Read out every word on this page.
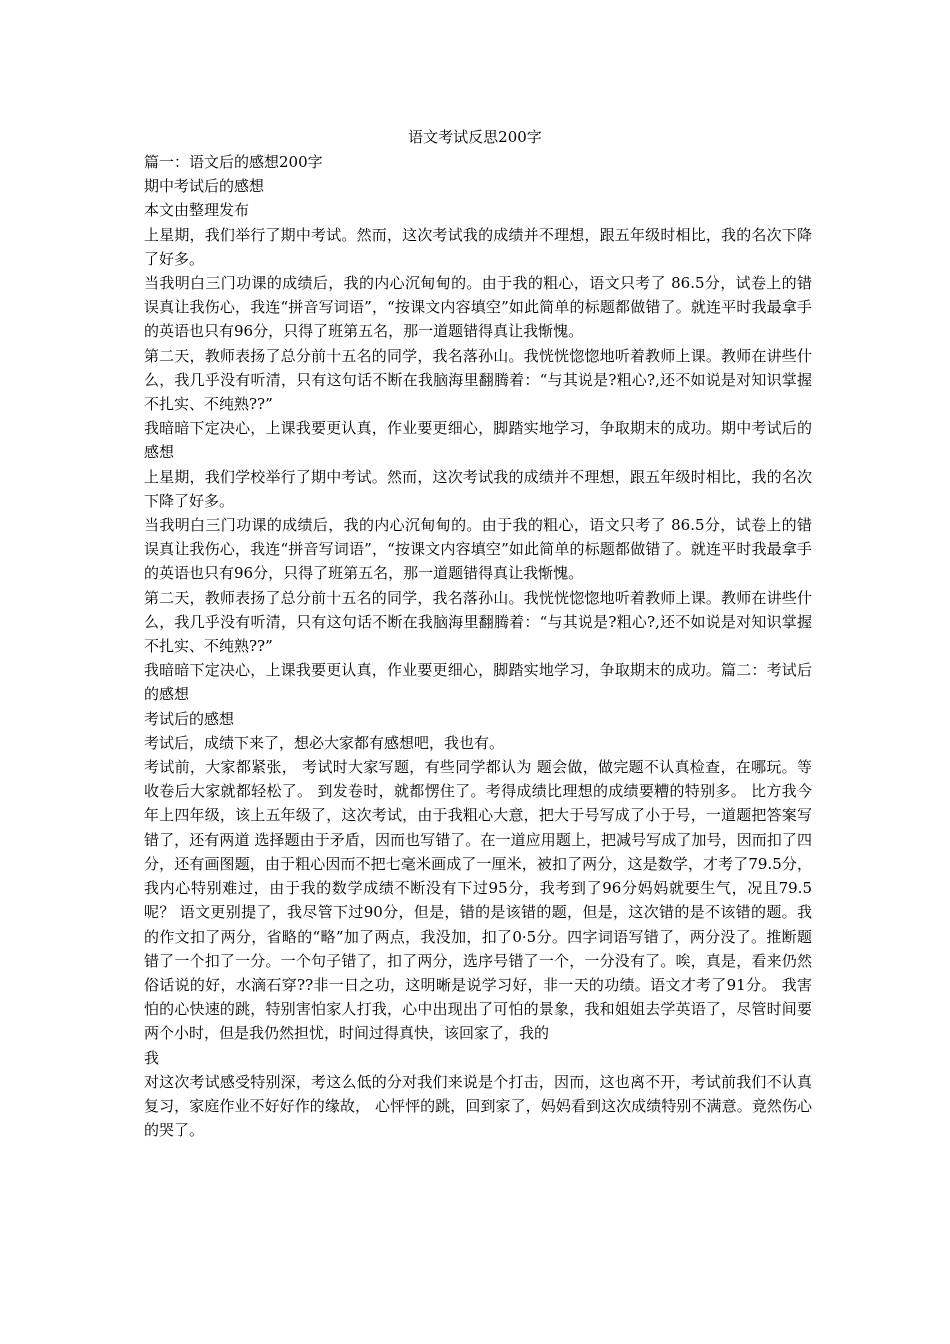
语文考试反思200字

篇一：语文后的感想200字

期中考试后的感想

本文由整理发布

上星期，我们举行了期中考试。然而，这次考试我的成绩并不理想，跟五年级时相比，我的名次下降了好多。

当我明白三门功课的成绩后，我的内心沉甸甸的。由于我的粗心，语文只考了 86.5分，试卷上的错误真让我伤心，我连“拼音写词语”，“按课文内容填空”如此简单的标题都做错了。就连平时我最拿手的英语也只有96分，只得了班第五名，那一道题错得真让我惭愧。

第二天，教师表扬了总分前十五名的同学，我名落孙山。我恍恍惚惚地听着教师上课。教师在讲些什么，我几乎没有听清，只有这句话不断在我脑海里翻腾着：“与其说是?粗心?,还不如说是对知识掌握不扎实、不纯熟??”

我暗暗下定决心，上课我要更认真，作业要更细心，脚踏实地学习，争取期末的成功。期中考试后的感想

上星期，我们学校举行了期中考试。然而，这次考试我的成绩并不理想，跟五年级时相比，我的名次下降了好多。

当我明白三门功课的成绩后，我的内心沉甸甸的。由于我的粗心，语文只考了 86.5分，试卷上的错误真让我伤心，我连“拼音写词语”，“按课文内容填空”如此简单的标题都做错了。就连平时我最拿手的英语也只有96分，只得了班第五名，那一道题错得真让我惭愧。

第二天，教师表扬了总分前十五名的同学，我名落孙山。我恍恍惚惚地听着教师上课。教师在讲些什么，我几乎没有听清，只有这句话不断在我脑海里翻腾着：“与其说是?粗心?,还不如说是对知识掌握不扎实、不纯熟??”

我暗暗下定决心，上课我要更认真，作业要更细心，脚踏实地学习，争取期末的成功。篇二：考试后的感想

考试后的感想

考试后，成绩下来了，想必大家都有感想吧，我也有。

考试前，大家都紧张， 考试时大家写题，有些同学都认为 题会做，做完题不认真检查，在哪玩。等收卷后大家就都轻松了。 到发卷时，就都愣住了。考得成绩比理想的成绩要糟的特别多。 比方我今年上四年级，该上五年级了，这次考试，由于我粗心大意，把大于号写成了小于号，一道题把答案写错了，还有两道 选择题由于矛盾，因而也写错了。在一道应用题上，把减号写成了加号，因而扣了四分，还有画图题，由于粗心因而不把七毫米画成了一厘米，被扣了两分，这是数学，才考了79.5分，我内心特别难过，由于我的数学成绩不断没有下过95分，我考到了96分妈妈就要生气，况且79.5呢？ 语文更别提了，我尽管下过90分，但是，错的是该错的题，但是，这次错的是不该错的题。我的作文扣了两分，省略的“略”加了两点，我没加，扣了0·5分。四字词语写错了，两分没了。推断题错了一个扣了一分。一个句子错了，扣了两分，选序号错了一个，一分没有了。唉，真是，看来仍然俗话说的好，水滴石穿??非一日之功，这明晰是说学习好，非一天的功绩。语文才考了91分。 我害怕的心快速的跳，特别害怕家人打我，心中出现出了可怕的景象，我和姐姐去学英语了，尽管时间要两个小时，但是我仍然担忧，时间过得真快，该回家了，我的

我

对这次考试感受特别深，考这么低的分对我们来说是个打击，因而，这也离不开，考试前我们不认真复习，家庭作业不好好作的缘故， 心怦怦的跳，回到家了，妈妈看到这次成绩特别不满意。竟然伤心的哭了。
